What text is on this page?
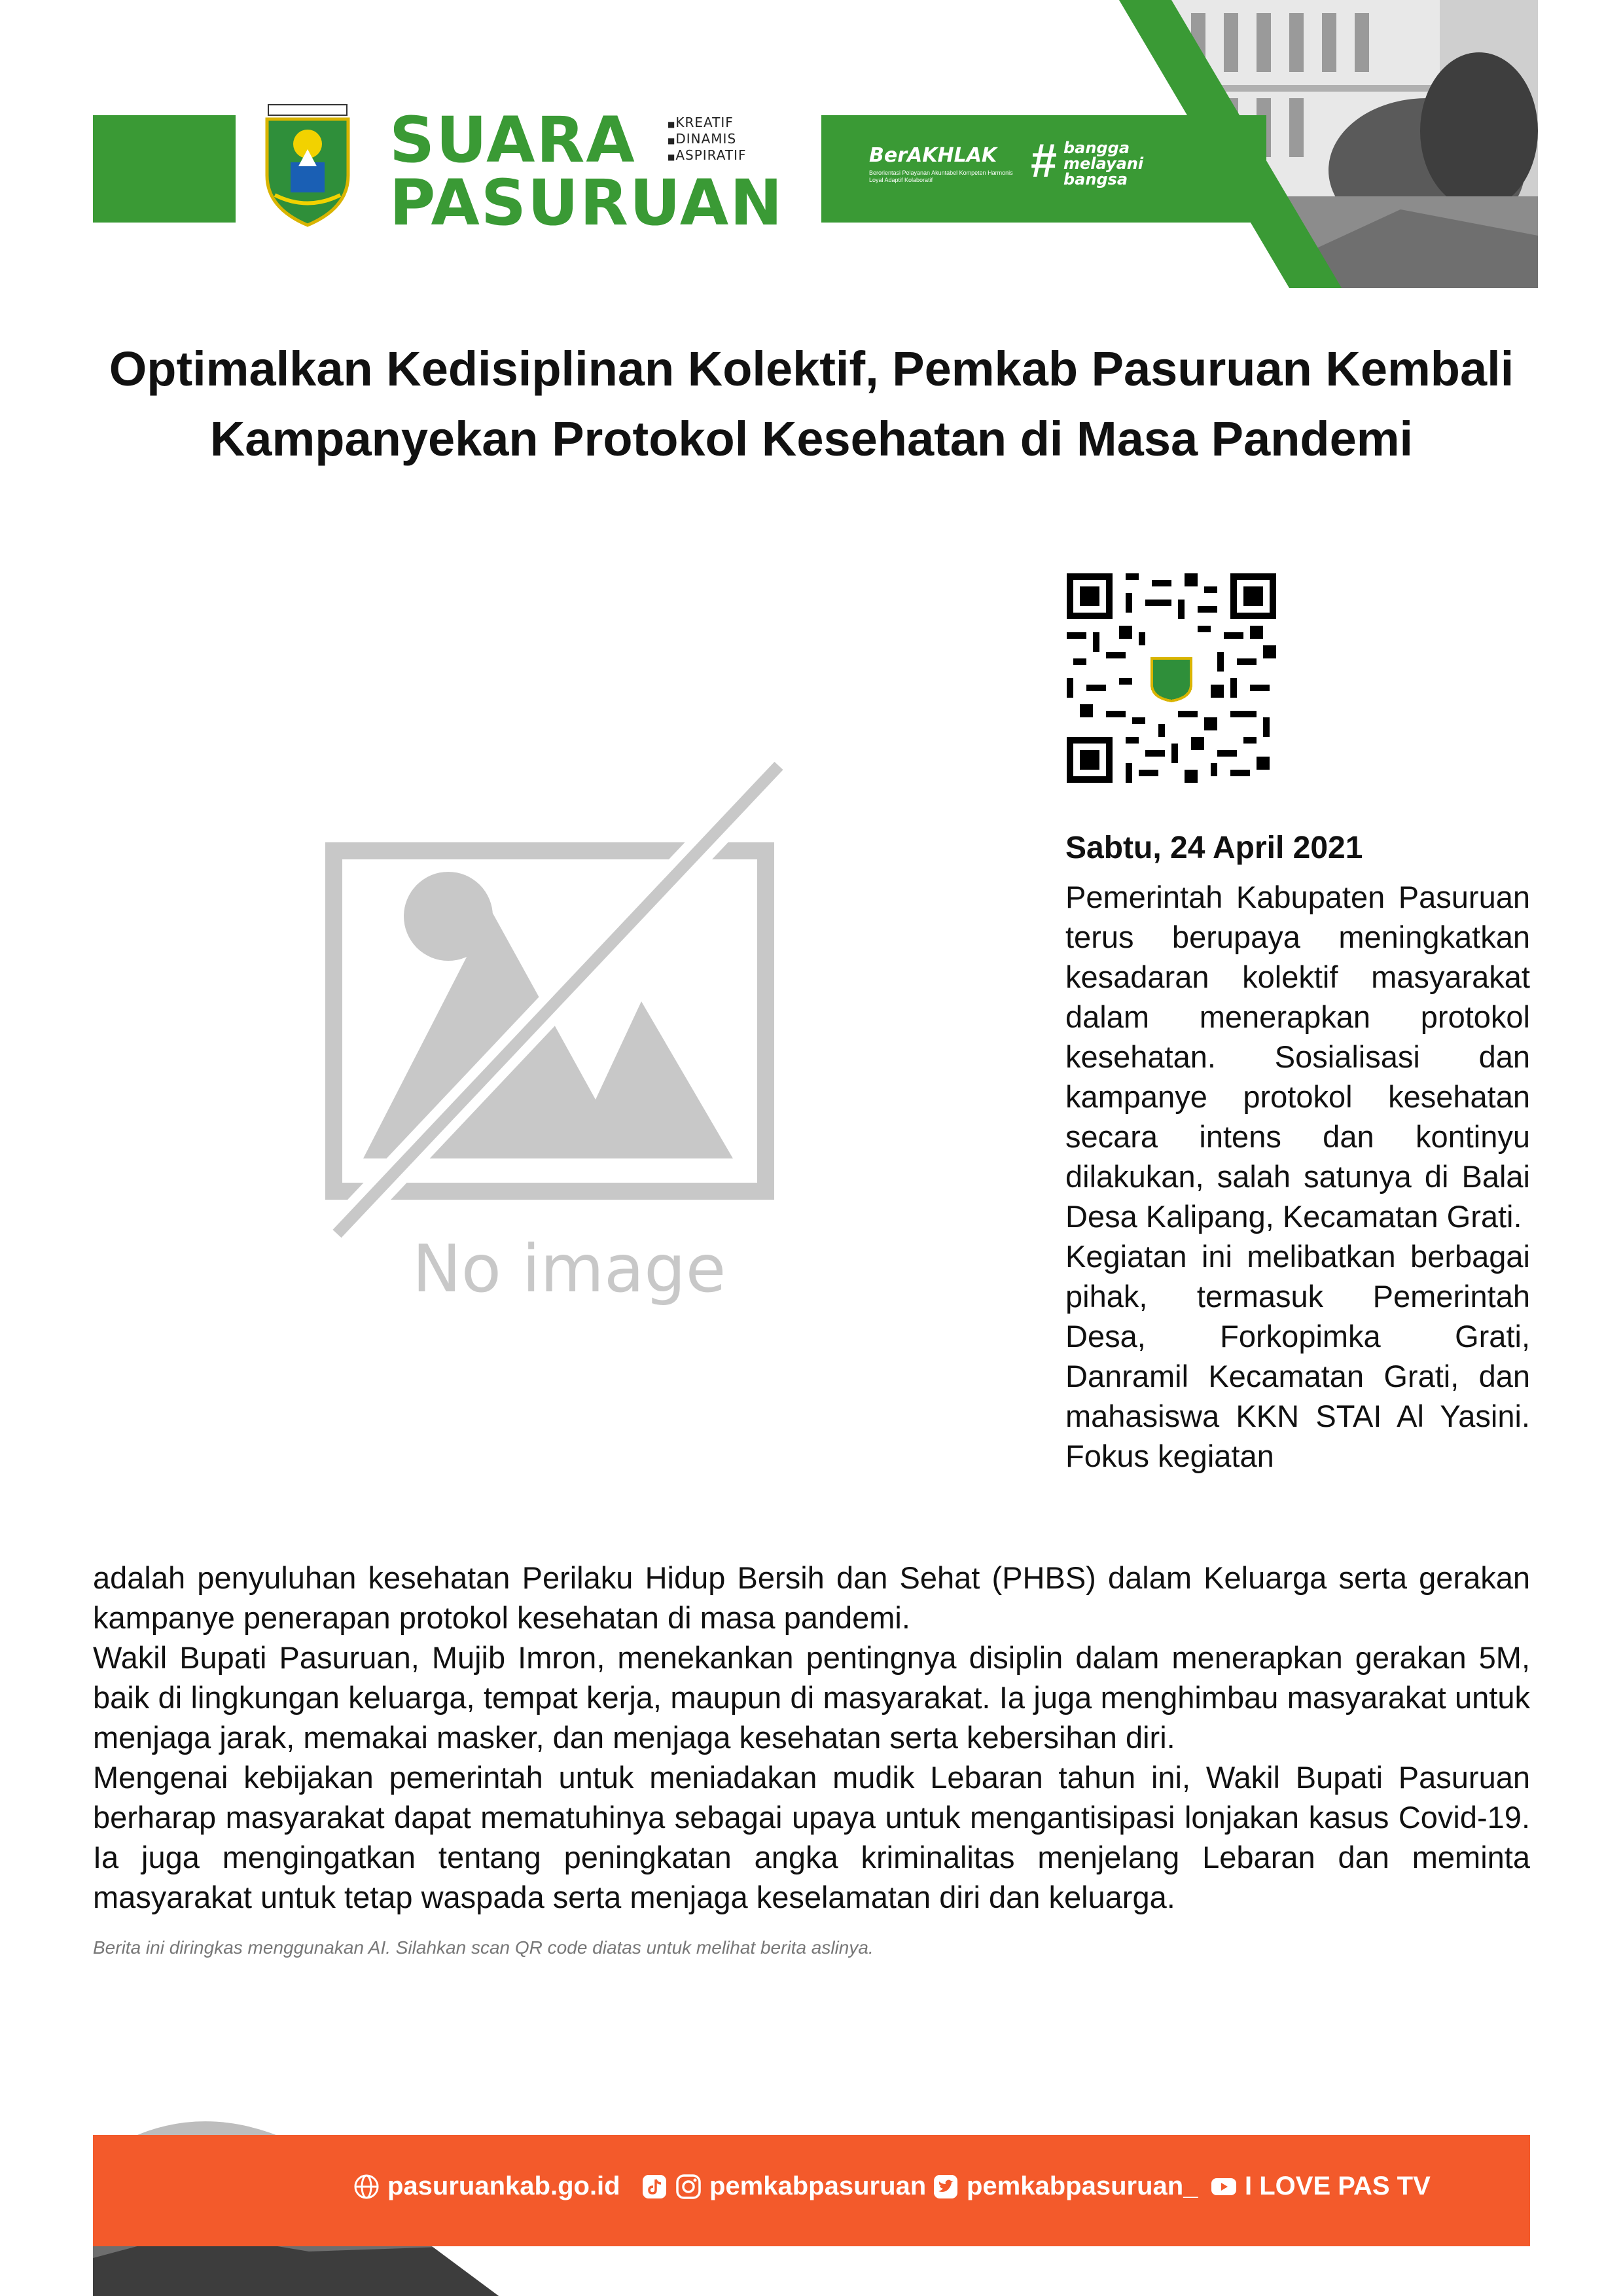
SUARA
PASURUAN
■ KREATIF
■ DINAMIS
■ ASPIRATIF	BerAKHLAK
Berorientasi Pelayanan Akuntabel Kompeten Harmonis Loyal Adaptif Kolaboratif	# bangga
melayani
bangsa
Optimalkan Kedisiplinan Kolektif, Pemkab Pasuruan Kembali Kampanyekan Protokol Kesehatan di Masa Pandemi
No image
Sabtu, 24 April 2021

Pemerintah Kabupaten Pasuruan terus berupaya meningkatkan kesadaran kolektif masyarakat dalam menerapkan protokol kesehatan. Sosialisasi dan kampanye protokol kesehatan secara intens dan kontinyu dilakukan, salah satunya di Balai Desa Kalipang, Kecamatan Grati.

Kegiatan ini melibatkan berbagai pihak, termasuk Pemerintah Desa, Forkopimka Grati, Danramil Kecamatan Grati, dan mahasiswa KKN STAI Al Yasini. Fokus kegiatan

adalah penyuluhan kesehatan Perilaku Hidup Bersih dan Sehat (PHBS) dalam Keluarga serta gerakan kampanye penerapan protokol kesehatan di masa pandemi.

Wakil Bupati Pasuruan, Mujib Imron, menekankan pentingnya disiplin dalam menerapkan gerakan 5M, baik di lingkungan keluarga, tempat kerja, maupun di masyarakat. Ia juga menghimbau masyarakat untuk menjaga jarak, memakai masker, dan menjaga kesehatan serta kebersihan diri.

Mengenai kebijakan pemerintah untuk meniadakan mudik Lebaran tahun ini, Wakil Bupati Pasuruan berharap masyarakat dapat mematuhinya sebagai upaya untuk mengantisipasi lonjakan kasus Covid-19. Ia juga mengingatkan tentang peningkatan angka kriminalitas menjelang Lebaran dan meminta masyarakat untuk tetap waspada serta menjaga keselamatan diri dan keluarga.

Berita ini diringkas menggunakan AI. Silahkan scan QR code diatas untuk melihat berita aslinya.
pasuruankab.go.id	pemkabpasuruan pemkabpasuruan_ I LOVE PAS TV
